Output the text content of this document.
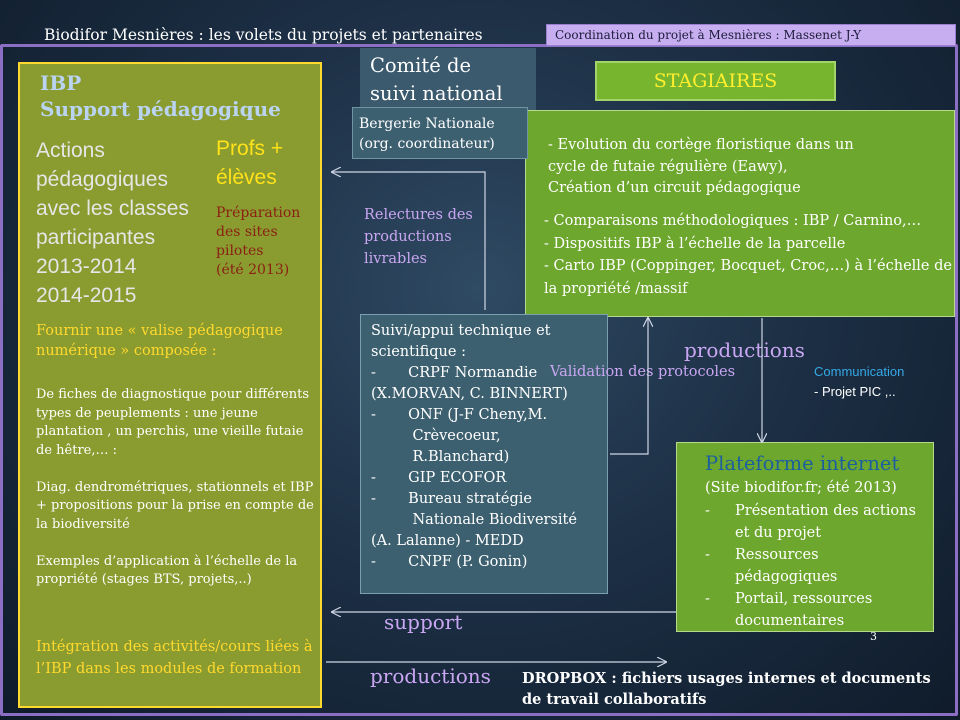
Biodifor Mesnières : les volets du projets et partenaires	Coordination du projet à Mesnières : Massenet J-Y
IBP
Support pédagogique
Actions
pédagogiques
avec les classes
participantes
2013-2014
2014-2015
Profs +
élèves
Préparation
des sites
pilotes
(été 2013)
Fournir une « valise pédagogique numérique » composée :
De fiches de diagnostique pour différents types de peuplements : une jeune plantation , un perchis, une vieille futaie de hêtre,… :

Diag. dendrométriques, stationnels et IBP + propositions pour la prise en compte de la biodiversité

Exemples d’application à l’échelle de la propriété (stages BTS, projets,..)
Intégration des activités/cours liées à l’IBP dans les modules de formation
Comité de
suivi national
Bergerie Nationale
(org. coordinateur)
STAGIAIRES
- Evolution du cortège floristique dans un
cycle de futaie régulière (Eawy),
Création d’un circuit pédagogique
- Comparaisons méthodologiques : IBP / Carnino,…
- Dispositifs IBP à l’échelle de la parcelle
- Carto IBP (Coppinger, Bocquet, Croc,…) à l’échelle de la propriété /massif
Relectures des
productions
livrables
Suivi/appui technique et scientifique :
-       CRPF Normandie
(X.MORVAN, C. BINNERT)
-       ONF (J-F Cheny,M.
Crèvecoeur,
R.Blanchard)
-       GIP ECOFOR
-       Bureau stratégie
Nationale Biodiversité
(A. Lalanne) - MEDD
-       CNPF (P. Gonin)
Validation des protocoles
productions
Communication
- Projet PIC ,..
Plateforme internet
(Site biodifor.fr; été 2013)
-	Présentation des actions et du projet
-	Ressources pédagogiques
-	Portail, ressources documentaires
3
support
productions DROPBOX : fichiers usages internes et documents de travail collaboratifs
